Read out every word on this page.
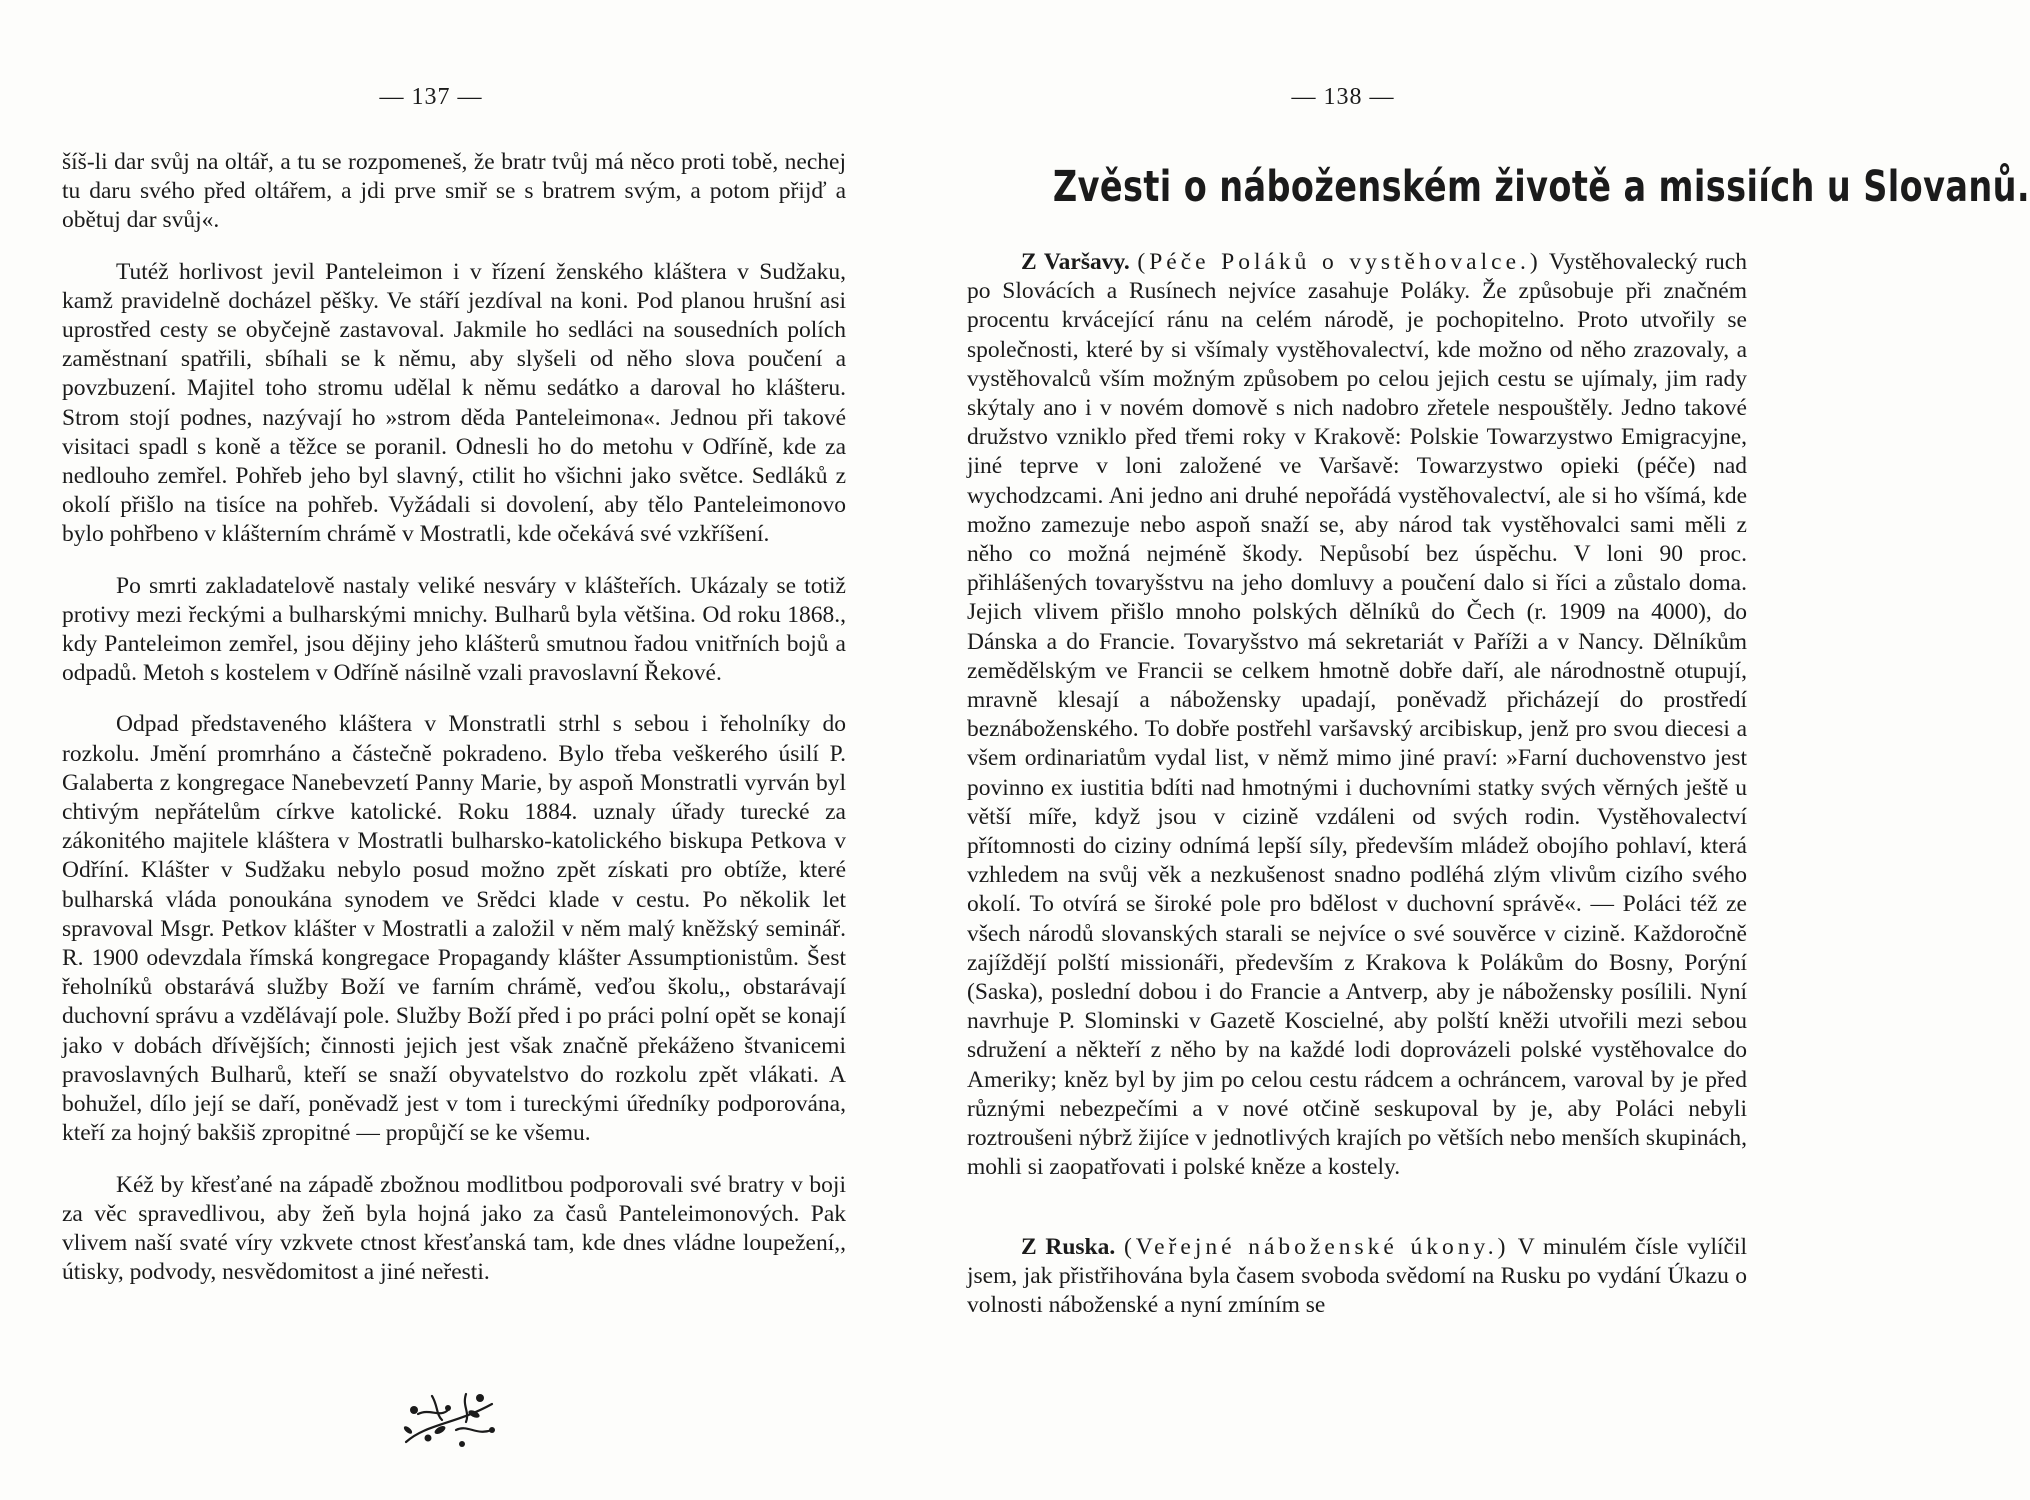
— 137 —

šíš-li dar svůj na oltář, a tu se rozpomeneš, že bratr tvůj má něco proti tobě, nechej tu daru svého před oltářem, a jdi prve smiř se s bratrem svým, a potom přijď a obětuj dar svůj«.

Tutéž horlivost jevil Panteleimon i v řízení ženského kláštera v Sudžaku, kamž pravidelně docházel pěšky. Ve stáří jezdíval na koni. Pod planou hrušní asi uprostřed cesty se obyčejně zastavoval. Jakmile ho sedláci na sousedních polích zaměstnaní spatřili, sbíhali se k němu, aby slyšeli od něho slova poučení a povzbuzení. Majitel toho stromu udělal k němu sedátko a daroval ho klášteru. Strom stojí podnes, nazývají ho »strom děda Panteleimona«. Jednou při takové visitaci spadl s koně a těžce se poranil. Odnesli ho do metohu v Odříně, kde za nedlouho zemřel. Pohřeb jeho byl slavný, ctilit ho všichni jako světce. Sedláků z okolí přišlo na tisíce na pohřeb. Vyžádali si dovolení, aby tělo Panteleimonovo bylo pohřbeno v klášterním chrámě v Mostratli, kde očekává své vzkříšení.

Po smrti zakladatelově nastaly veliké nesváry v klášteřích. Ukázaly se totiž protivy mezi řeckými a bulharskými mnichy. Bulharů byla většina. Od roku 1868., kdy Panteleimon zemřel, jsou dějiny jeho klášterů smutnou řadou vnitřních bojů a odpadů. Metoh s kostelem v Odříně násilně vzali pravoslavní Řekové.

Odpad představeného kláštera v Monstratli strhl s sebou i řeholníky do rozkolu. Jmění promrháno a částečně pokradeno. Bylo třeba veškerého úsilí P. Galaberta z kongregace Nanebevzetí Panny Marie, by aspoň Monstratli vyrván byl chtivým nepřátelům církve katolické. Roku 1884. uznaly úřady turecké za zákonitého majitele kláštera v Mostratli bulharsko-katolického biskupa Petkova v Odříní. Klášter v Sudžaku nebylo posud možno zpět získati pro obtíže, které bulharská vláda ponoukána synodem ve Srědci klade v cestu. Po několik let spravoval Msgr. Petkov klášter v Mostratli a založil v něm malý kněžský seminář. R. 1900 odevzdala římská kongregace Propagandy klášter Assumptionistům. Šest řeholníků obstarává služby Boží ve farním chrámě, veďou školu,, obstarávají duchovní správu a vzdělávají pole. Služby Boží před i po práci polní opět se konají jako v dobách dřívějších; činnosti jejich jest však značně překáženo štvanicemi pravoslavných Bulharů, kteří se snaží obyvatelstvo do rozkolu zpět vlákati. A bohužel, dílo její se daří, poněvadž jest v tom i tureckými úředníky podporována, kteří za hojný bakšiš zpropitné — propůjčí se ke všemu.

Kéž by křesťané na západě zbožnou modlitbou podporovali své bratry v boji za věc spravedlivou, aby žeň byla hojná jako za časů Panteleimonových. Pak vlivem naší svaté víry vzkvete ctnost křesťanská tam, kde dnes vládne loupežení,, útisky, podvody, nesvědomitost a jiné neřesti.

— 138 —
Zvěsti o náboženském životě a missiích u Slovanů.

Z Varšavy. (Péče Poláků o vystěhovalce.) Vystěhovalecký ruch po Slovácích a Rusínech nejvíce zasahuje Poláky. Že způsobuje při značném procentu krvácející ránu na celém národě, je pochopitelno. Proto utvořily se společnosti, které by si všímaly vystěhovalectví, kde možno od něho zrazovaly, a vystěhovalců vším možným způsobem po celou jejich cestu se ujímaly, jim rady skýtaly ano i v novém domově s nich nadobro zřetele nespouštěly. Jedno takové družstvo vzniklo před třemi roky v Krakově: Polskie Towarzystwo Emigracyjne, jiné teprve v loni založené ve Varšavě: Towarzystwo opieki (péče) nad wychodzcami. Ani jedno ani druhé nepořádá vystěhovalectví, ale si ho všímá, kde možno zamezuje nebo aspoň snaží se, aby národ tak vystěhovalci sami měli z něho co možná nejméně škody. Nepůsobí bez úspěchu. V loni 90 proc. přihlášených tovaryšstvu na jeho domluvy a poučení dalo si říci a zůstalo doma. Jejich vlivem přišlo mnoho polských dělníků do Čech (r. 1909 na 4000), do Dánska a do Francie. Tovaryšstvo má sekretariát v Paříži a v Nancy. Dělníkům zemědělským ve Francii se celkem hmotně dobře daří, ale národnostně otupují, mravně klesají a nábožensky upadají, poněvadž přicházejí do prostředí beznáboženského. To dobře postřehl varšavský arcibiskup, jenž pro svou diecesi a všem ordinariatům vydal list, v němž mimo jiné praví: »Farní duchovenstvo jest povinno ex iustitia bdíti nad hmotnými i duchovními statky svých věrných ještě u větší míře, když jsou v cizině vzdáleni od svých rodin. Vystěhovalectví přítomnosti do ciziny odnímá lepší síly, především mládež obojího pohlaví, která vzhledem na svůj věk a nezkušenost snadno podléhá zlým vlivům cizího svého okolí. To otvírá se široké pole pro bdělost v duchovní správě«. — Poláci též ze všech národů slovanských starali se nejvíce o své souvěrce v cizině. Každoročně zajíždějí polští missionáři, především z Krakova k Polákům do Bosny, Porýní (Saska), poslední dobou i do Francie a Antverp, aby je nábožensky posílili. Nyní navrhuje P. Slominski v Gazetě Koscielné, aby polští kněži utvořili mezi sebou sdružení a někteří z něho by na každé lodi doprovázeli polské vystěhovalce do Ameriky; kněz byl by jim po celou cestu rádcem a ochráncem, varoval by je před různými nebezpečími a v nové otčině seskupoval by je, aby Poláci nebyli roztroušeni nýbrž žijíce v jednotlivých krajích po větších nebo menších skupinách, mohli si zaopatřovati i polské kněze a kostely.

Z Ruska. (Veřejné náboženské úkony.) V minulém čísle vylíčil jsem, jak přistřihována byla časem svoboda svědomí na Rusku po vydání Úkazu o volnosti náboženské a nyní zmíním se
